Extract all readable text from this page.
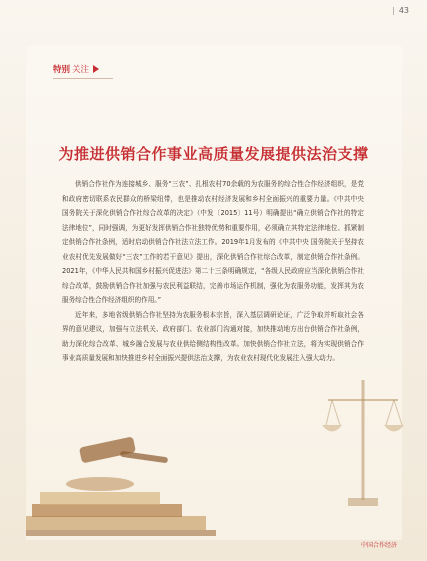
| 43
特别 关注
为推进供销合作事业高质量发展提供法治支撑

供销合作社作为连接城乡、服务“三农”、扎根农村70余载的为农服务的综合性合作经济组织，是党和政府密切联系农民群众的桥梁纽带，也是推动农村经济发展和乡村全面振兴的重要力量。《中共中央 国务院关于深化供销合作社综合改革的决定》（中发〔2015〕11号）明确提出“确立供销合作社的特定法律地位”，同时强调，为更好发挥供销合作社独特优势和重要作用，必须确立其特定法律地位、抓紧制定供销合作社条例，适时启动供销合作社法立法工作。2019年1月发布的《中共中央 国务院关于坚持农业农村优先发展做好“三农”工作的若干意见》提出，深化供销合作社综合改革，制定供销合作社条例。2021年，《中华人民共和国乡村振兴促进法》第二十三条明确规定，“各级人民政府应当深化供销合作社综合改革，鼓励供销合作社加强与农民利益联结，完善市场运作机制，强化为农服务功能，发挥其为农服务综合性合作经济组织的作用。”

近年来，多地省级供销合作社坚持为农服务根本宗旨，深入基层调研论证，广泛争取并听取社会各界的意见建议，加强与立法机关、政府部门、农业部门沟通对接，加快推动地方出台供销合作社条例，助力深化综合改革、城乡融合发展与农业供给侧结构性改革。加快供销合作社立法，将为实现供销合作事业高质量发展和加快推进乡村全面振兴提供法治支撑，为农业农村现代化发展注入强大动力。

中国合作经济
